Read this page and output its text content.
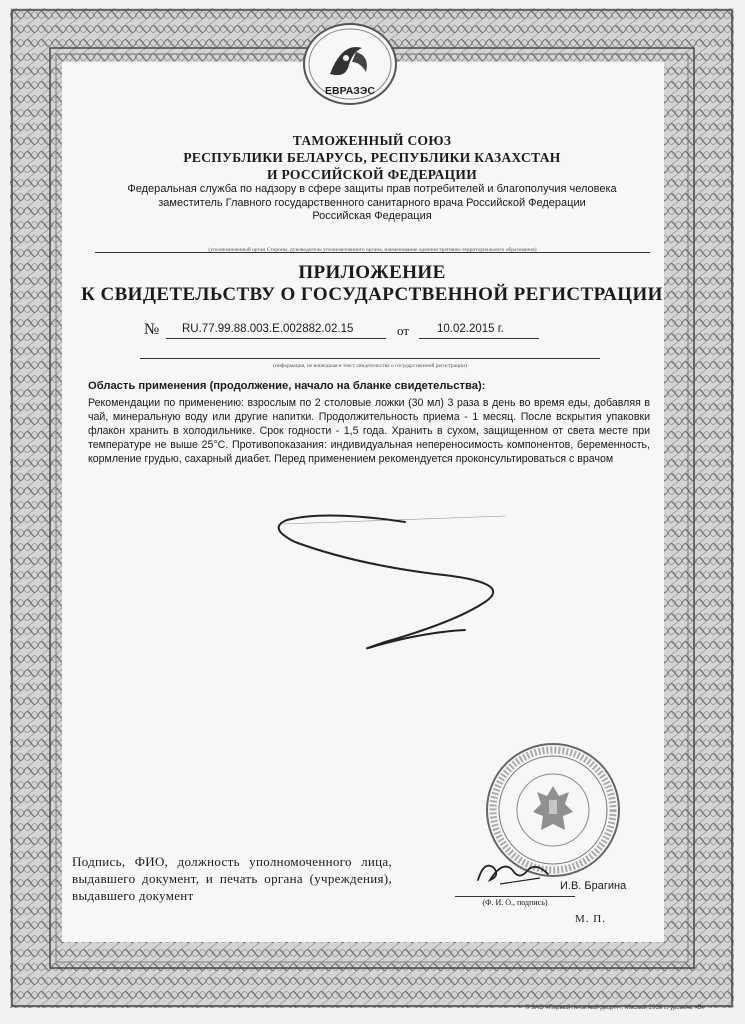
ЕВРАЗЭС
ТАМОЖЕННЫЙ СОЮЗ
РЕСПУБЛИКИ БЕЛАРУСЬ, РЕСПУБЛИКИ КАЗАХСТАН
И РОССИЙСКОЙ ФЕДЕРАЦИИ
Федеральная служба по надзору в сфере защиты прав потребителей и благополучия человека
заместитель Главного государственного санитарного врача Российской Федерации
Российская Федерация
(уполномоченный орган Стороны, руководитель уполномоченного органа, наименование административно-территориального образования)
ПРИЛОЖЕНИЕ
К СВИДЕТЕЛЬСТВУ О ГОСУДАРСТВЕННОЙ РЕГИСТРАЦИИ
№ RU.77.99.88.003.E.002882.02.15	от 10.02.2015 г.
(информация, не вошедшая в текст свидетельства о государственной регистрации)
Область применения (продолжение, начало на бланке свидетельства):
Рекомендации по применению: взрослым по 2 столовые ложки (30 мл) 3 раза в день во время еды, добавляя в чай, минеральную воду или другие напитки. Продолжительность приема - 1 месяц. После вскрытия упаковки флакон хранить в холодильнике. Срок годности - 1,5 года. Хранить в сухом, защищенном от света месте при температуре не выше 25°С. Противопоказания: индивидуальная непереносимость компонентов, беременность, кормление грудью, сахарный диабет. Перед применением рекомендуется проконсультироваться с врачом
Подпись, ФИО, должность уполномоченного лица, выдавшего документ, и печать органа (учреждения), выдавшего документ
И.В. Брагина
(Ф. И. О., подпись)
М. П.
© ЗАО «Первый печатный двор», г. Москва, 2013 г., уровень «В»
